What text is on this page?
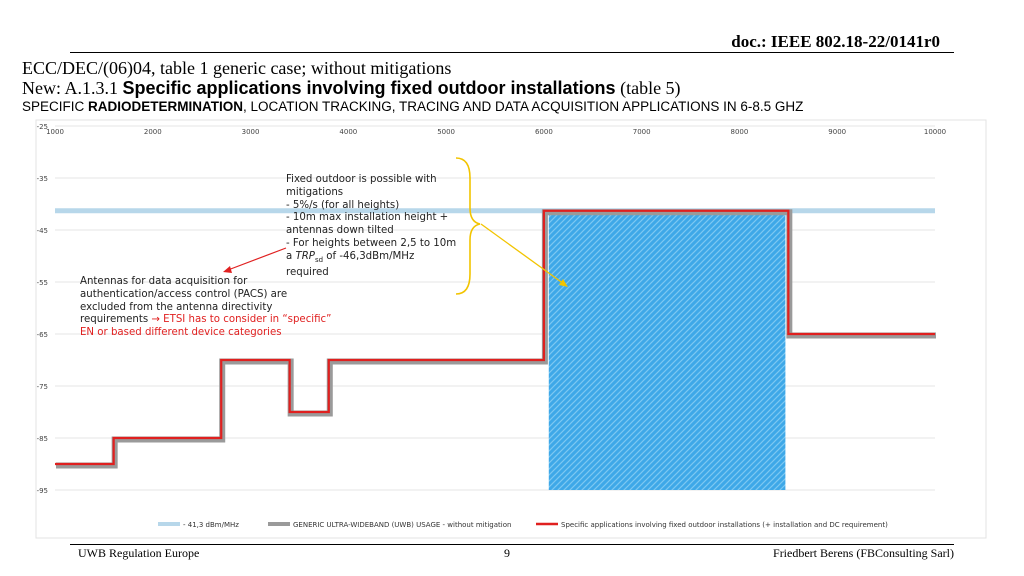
doc.: IEEE 802.18-22/0141r0
ECC/DEC/(06)04, table 1 generic case; without mitigations
New: A.1.3.1 Specific applications involving fixed outdoor installations (table 5)
SPECIFIC RADIODETERMINATION, LOCATION TRACKING, TRACING AND DATA ACQUISITION APPLICATIONS IN 6-8.5 GHZ
-25
-35
-45
-55
-65
-75
-85
-95
1000	2000	3000	4000	5000	6000	7000	8000	9000	10000
- 41,3 dBm/MHz	GENERIC ULTRA-WIDEBAND (UWB) USAGE - without mitigation	Specific applications involving fixed outdoor installations (+ installation and DC requirement)
Fixed outdoor is possible with
mitigations
- 5%/s (for all heights)
- 10m max installation height +
antennas down tilted
- For heights between 2,5 to 10m
a $TRP_{sd}$ of -46,3dBm/MHz
required
Antennas for data acquisition for
authentication/access control (PACS) are
excluded from the antenna directivity
requirements → ETSI has to consider in “specific”
EN or based different device categories
UWB Regulation Europe	9	Friedbert Berens (FBConsulting Sarl)
